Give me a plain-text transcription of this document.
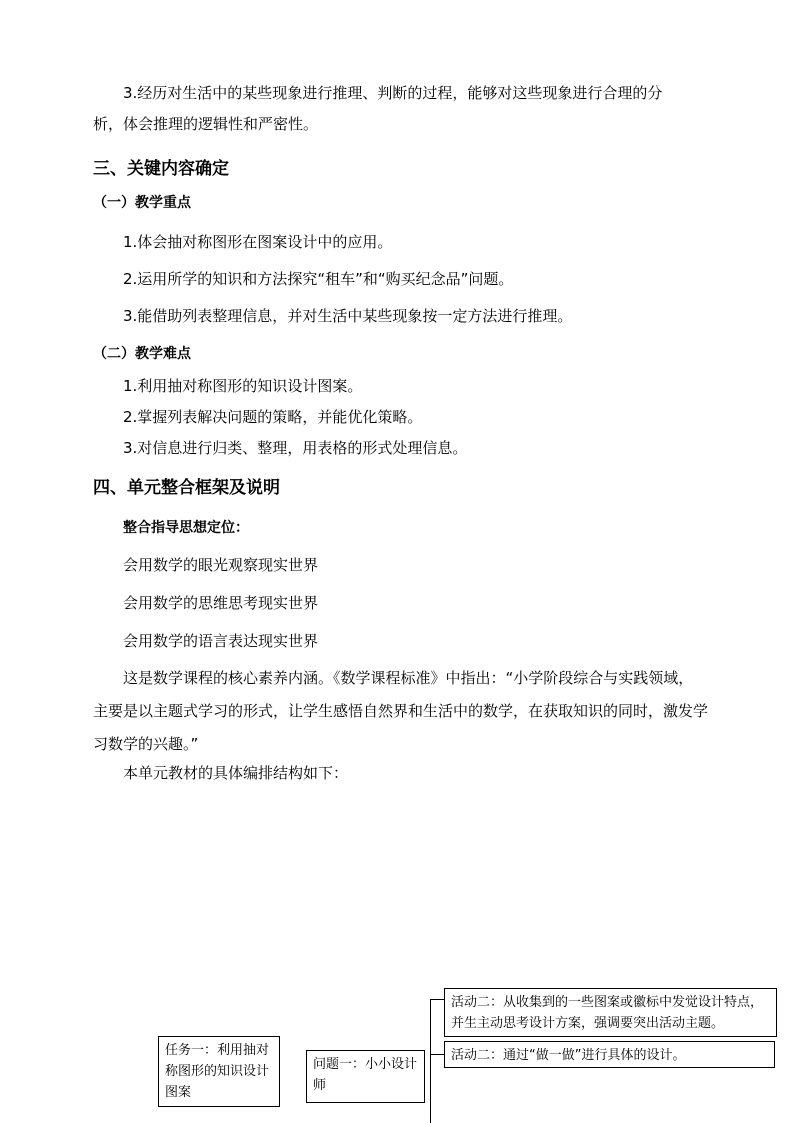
3.经历对生活中的某些现象进行推理、判断的过程，能够对这些现象进行合理的分

析，体会推理的逻辑性和严密性。

三、关键内容确定
（一）教学重点

1.体会抽对称图形在图案设计中的应用。

2.运用所学的知识和方法探究“租车”和“购买纪念品”问题。

3.能借助列表整理信息，并对生活中某些现象按一定方法进行推理。

（二）教学难点

1.利用抽对称图形的知识设计图案。

2.掌握列表解决问题的策略，并能优化策略。

3.对信息进行归类、整理，用表格的形式处理信息。

四、单元整合框架及说明

整合指导思想定位：

会用数学的眼光观察现实世界

会用数学的思维思考现实世界

会用数学的语言表达现实世界

这是数学课程的核心素养内涵。《数学课程标准》中指出：“小学阶段综合与实践领域，主要是以主题式学习的形式，让学生感悟自然界和生活中的数学，在获取知识的同时，激发学习数学的兴趣。”

本单元教材的具体编排结构如下：

任务一：利用抽对称图形的知识设计图案
问题一：小小设计师
活动二：从收集到的一些图案或徽标中发觉设计特点，并生主动思考设计方案，强调要突出活动主题。
活动二：通过“做一做”进行具体的设计。
